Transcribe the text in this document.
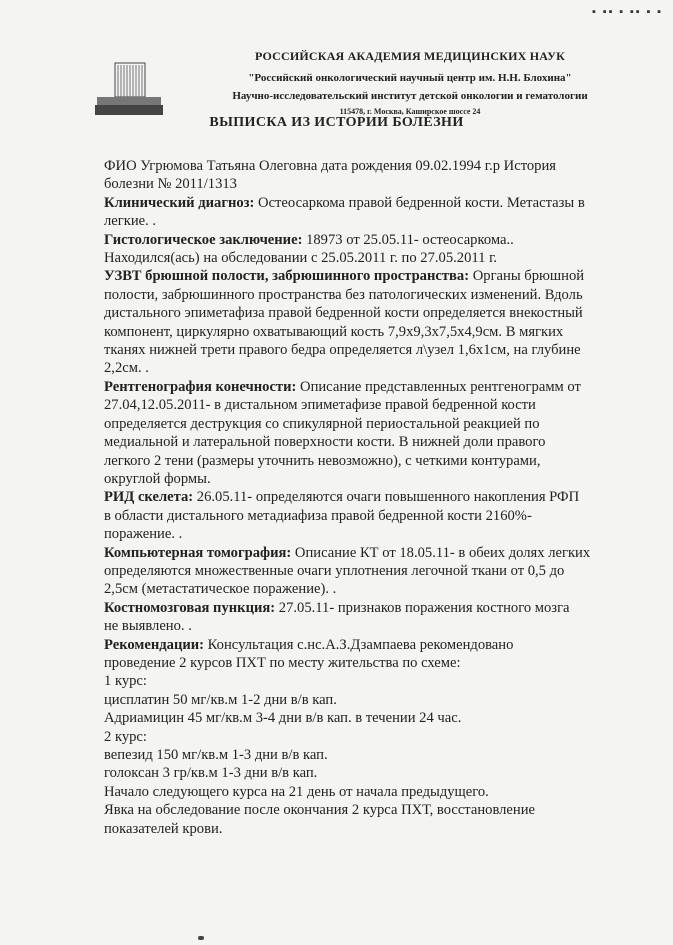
▪ ▪▪ ▪ ▪▪ ▪ ▪
РОССИЙСКАЯ АКАДЕМИЯ МЕДИЦИНСКИХ НАУК
"Российский онкологический научный центр им. Н.Н. Блохина"
Научно-исследовательский институт детской онкологии и гематологии
115478, г. Москва, Каширское шоссе 24
ВЫПИСКА ИЗ ИСТОРИИ БОЛЕЗНИ

ФИО Угрюмова Татьяна Олеговна дата рождения 09.02.1994 г.р История

болезни № 2011/1313

Клинический диагноз: Остеосаркома правой бедренной кости. Метастазы в

легкие. .

Гистологическое заключение: 18973 от 25.05.11- остеосаркома..

Находился(ась) на обследовании с 25.05.2011 г. по 27.05.2011 г.

УЗВТ брюшной полости, забрюшинного пространства: Органы брюшной

полости, забрюшинного пространства без патологических изменений. Вдоль

дистального эпиметафиза правой бедренной кости определяется внекостный

компонент, циркулярно охватывающий кость 7,9х9,3х7,5х4,9см. В мягких

тканях нижней трети правого бедра определяется л\узел 1,6х1см, на глубине

2,2см. .

Рентгенография конечности: Описание представленных рентгенограмм от

27.04,12.05.2011- в дистальном эпиметафизе правой бедренной кости

определяется деструкция со спикулярной периостальной реакцией по

медиальной и латеральной поверхности кости. В нижней доли правого

легкого 2 тени (размеры уточнить невозможно), с четкими контурами,

округлой формы.

РИД скелета: 26.05.11- определяются очаги повышенного накопления РФП

в области дистального метадиафиза правой бедренной кости 2160%-

поражение. .

Компьютерная томография: Описание КТ от 18.05.11- в обеих долях легких

определяются множественные очаги уплотнения легочной ткани от 0,5 до

2,5см (метастатическое поражение). .

Костномозговая пункция: 27.05.11- признаков поражения костного мозга

не выявлено. .

Рекомендации: Консультация с.нс.А.З.Дзампаева рекомендовано

проведение 2 курсов ПХТ по месту жительства по схеме:

1 курс:

цисплатин 50 мг/кв.м 1-2 дни в/в кап.

Адриамицин 45 мг/кв.м 3-4 дни в/в кап. в течении 24 час.

2 курс:

вепезид 150 мг/кв.м 1-3 дни в/в кап.

голоксан 3 гр/кв.м 1-3 дни в/в кап.

Начало следующего курса на 21 день от начала предыдущего.

Явка на обследование после окончания 2 курса ПХТ, восстановление

показателей крови.
